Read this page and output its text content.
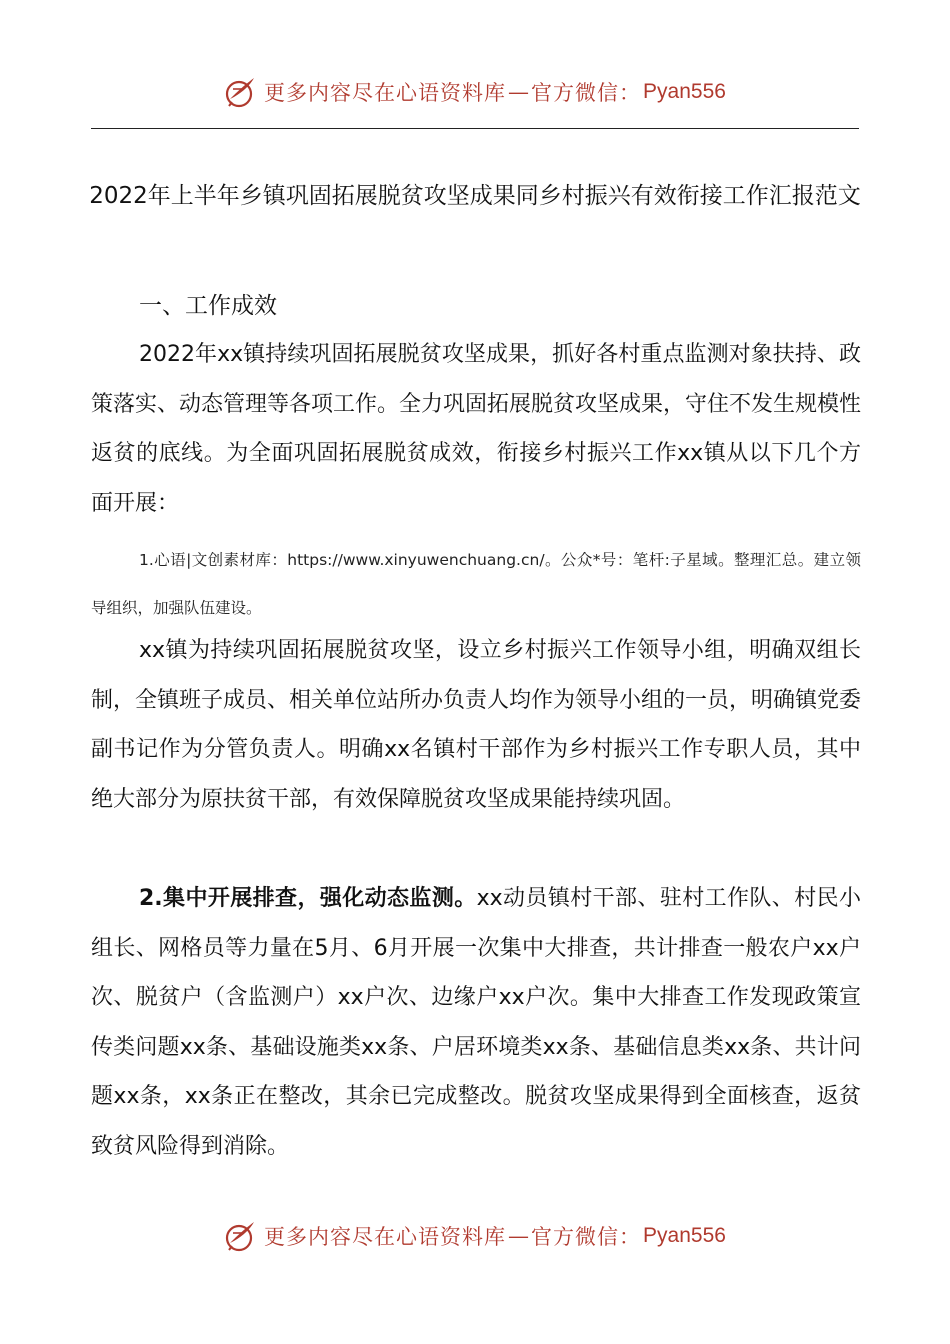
更多内容尽在心语资料库 — 官方微信： Pyan556
2022年上半年乡镇巩固拓展脱贫攻坚成果同乡村振兴有效衔接工作汇报范文
一、工作成效

2022年xx镇持续巩固拓展脱贫攻坚成果，抓好各村重点监测对象扶持、政策落实、动态管理等各项工作。全力巩固拓展脱贫攻坚成果，守住不发生规模性返贫的底线。为全面巩固拓展脱贫成效，衔接乡村振兴工作xx镇从以下几个方面开展：

1.心语|文创素材库：https://www.xinyuwenchuang.cn/。公众*号：笔杆:子星域。整理汇总。建立领导组织，加强队伍建设。

xx镇为持续巩固拓展脱贫攻坚，设立乡村振兴工作领导小组，明确双组长制，全镇班子成员、相关单位站所办负责人均作为领导小组的一员，明确镇党委副书记作为分管负责人。明确xx名镇村干部作为乡村振兴工作专职人员，其中绝大部分为原扶贫干部，有效保障脱贫攻坚成果能持续巩固。

2.集中开展排查，强化动态监测。xx动员镇村干部、驻村工作队、村民小组长、网格员等力量在5月、6月开展一次集中大排查，共计排查一般农户xx户次、脱贫户（含监测户）xx户次、边缘户xx户次。集中大排查工作发现政策宣传类问题xx条、基础设施类xx条、户居环境类xx条、基础信息类xx条、共计问题xx条，xx条正在整改，其余已完成整改。脱贫攻坚成果得到全面核查，返贫致贫风险得到消除。

更多内容尽在心语资料库 — 官方微信： Pyan556
